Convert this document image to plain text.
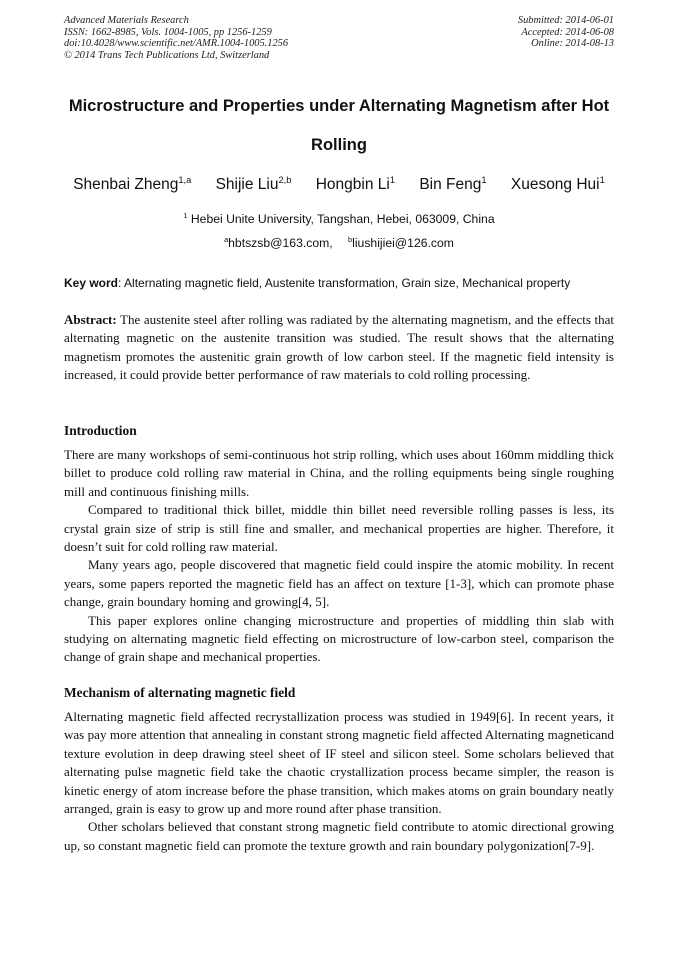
Advanced Materials Research
ISSN: 1662-8985, Vols. 1004-1005, pp 1256-1259
doi:10.4028/www.scientific.net/AMR.1004-1005.1256
© 2014 Trans Tech Publications Ltd, Switzerland
Submitted: 2014-06-01
Accepted: 2014-06-08
Online: 2014-08-13
Microstructure and Properties under Alternating Magnetism after Hot Rolling
Shenbai Zheng$^{1,a}$ Shijie Liu$^{2,b}$ Hongbin Li$^1$ Bin Feng$^1$ Xuesong Hui$^1$
$^1$ Hebei Unite University, Tangshan, Hebei, 063009, China
$^a$hbtszsb@163.com, $^b$liushijiei@126.com
Key word: Alternating magnetic field, Austenite transformation, Grain size, Mechanical property

Abstract: The austenite steel after rolling was radiated by the alternating magnetism, and the effects that alternating magnetic on the austenite transition was studied. The result shows that the alternating magnetism promotes the austenitic grain growth of low carbon steel. If the magnetic field intensity is increased, it could provide better performance of raw materials to cold rolling processing.

Introduction

There are many workshops of semi-continuous hot strip rolling, which uses about 160mm middling thick billet to produce cold rolling raw material in China, and the rolling equipments being single roughing mill and continuous finishing mills.

Compared to traditional thick billet, middle thin billet need reversible rolling passes is less, its crystal grain size of strip is still fine and smaller, and mechanical properties are higher. Therefore, it doesn’t suit for cold rolling raw material.

Many years ago, people discovered that magnetic field could inspire the atomic mobility. In recent years, some papers reported the magnetic field has an affect on texture [1-3], which can promote phase change, grain boundary homing and growing[4, 5].

This paper explores online changing microstructure and properties of middling thin slab with studying on alternating magnetic field effecting on microstructure of low-carbon steel, comparison the change of grain shape and mechanical properties.

Mechanism of alternating magnetic field

Alternating magnetic field affected recrystallization process was studied in 1949[6]. In recent years, it was pay more attention that annealing in constant strong magnetic field affected Alternating magneticand texture evolution in deep drawing steel sheet of IF steel and silicon steel. Some scholars believed that alternating pulse magnetic field take the chaotic crystallization process became simpler, the reason is kinetic energy of atom increase before the phase transition, which makes atoms on grain boundary neatly arranged, grain is easy to grow up and more round after phase transition.

Other scholars believed that constant strong magnetic field contribute to atomic directional growing up, so constant magnetic field can promote the texture growth and rain boundary polygonization[7-9].
